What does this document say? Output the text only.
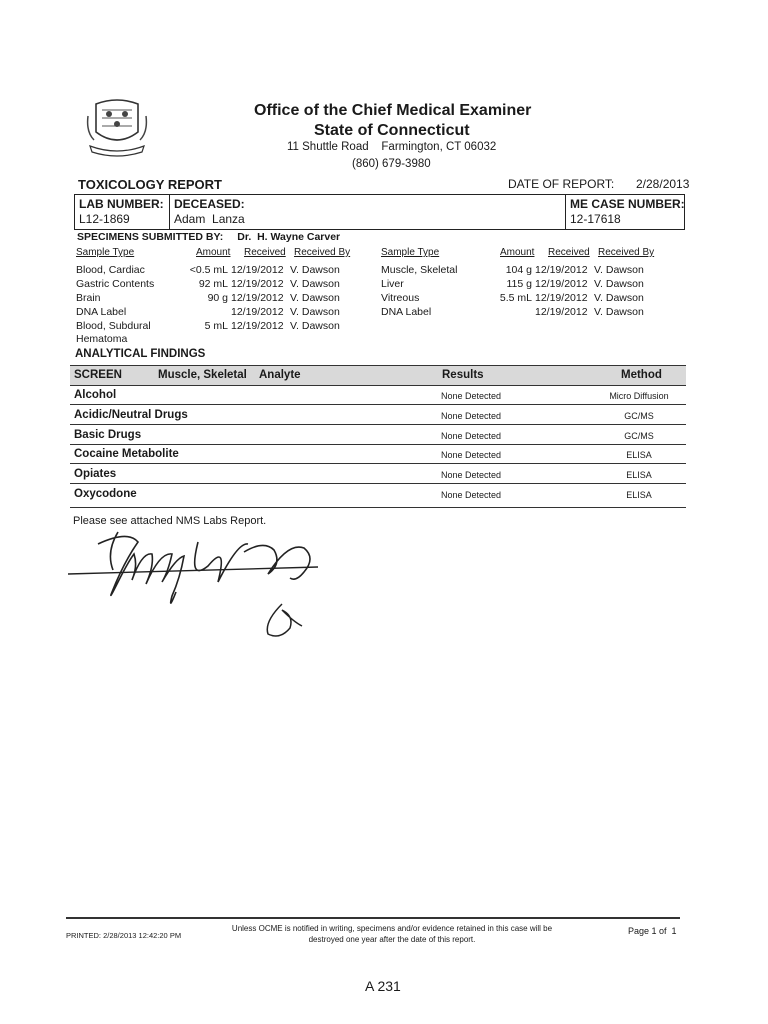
Office of the Chief Medical Examiner
State of Connecticut
11 Shuttle Road    Farmington, CT 06032
(860) 679-3980
TOXICOLOGY REPORT	DATE OF REPORT: 2/28/2013
LAB NUMBER:
L12-1869
DECEASED:
Adam  Lanza
ME CASE NUMBER:
12-17618
SPECIMENS SUBMITTED BY: Dr.  H. Wayne Carver
Sample Type	Amount Received Received By	Sample Type	Amount Received Received By
Blood, Cardiac	<0.5 mL 12/19/2012 V. Dawson
Gastric Contents	92 mL 12/19/2012 V. Dawson
Brain	90 g 12/19/2012 V. Dawson
DNA Label	12/19/2012 V. Dawson
Blood, Subdural	5 mL 12/19/2012 V. Dawson
Hematoma
Muscle, Skeletal	104 g 12/19/2012 V. Dawson
Liver	115 g 12/19/2012 V. Dawson
Vitreous	5.5 mL 12/19/2012 V. Dawson
DNA Label	12/19/2012 V. Dawson
ANALYTICAL FINDINGS
SCREEN	Muscle, Skeletal Analyte	Results	Method
Alcohol	None Detected	Micro Diffusion
Acidic/Neutral Drugs	None Detected	GC/MS
Basic Drugs	None Detected	GC/MS
Cocaine Metabolite	None Detected	ELISA
Opiates	None Detected	ELISA
Oxycodone	None Detected	ELISA
Please see attached NMS Labs Report.
PRINTED: 2/28/2013 12:42:20 PM
Unless OCME is notified in writing, specimens and/or evidence retained in this case will be destroyed one year after the date of this report.
Page 1 of  1
A 231
